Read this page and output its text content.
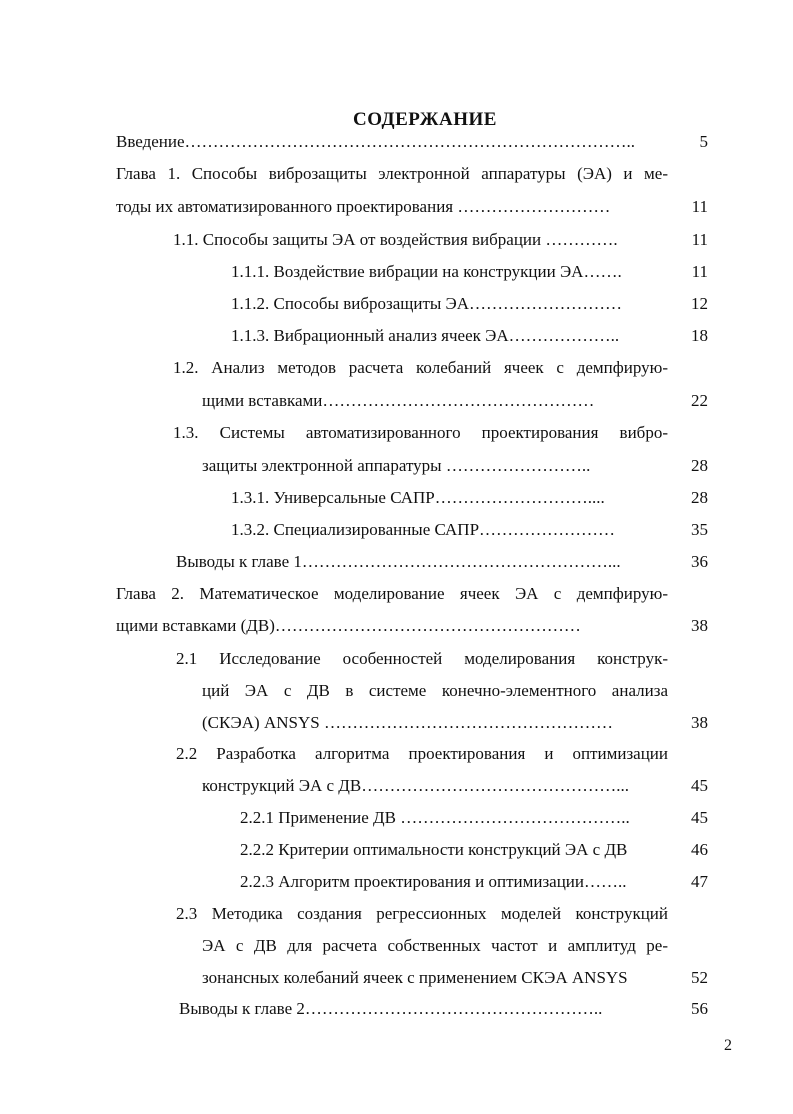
СОДЕРЖАНИЕ
Введение……………………………………………………………………..	5
Глава 1. Способы виброзащиты электронной аппаратуры (ЭА) и ме-
тоды их автоматизированного проектирования ………………………	11
1.1. Способы защиты ЭА от воздействия вибрации ………….	11
1.1.1. Воздействие вибрации на конструкции ЭА…….	11
1.1.2. Способы виброзащиты ЭА………………………	12
1.1.3. Вибрационный анализ ячеек ЭА………………..	18
1.2. Анализ методов расчета колебаний ячеек с демпфирую-
щими вставками…………………………………………	22
1.3. Системы автоматизированного проектирования вибро-
защиты электронной аппаратуры ……………………..	28
1.3.1. Универсальные САПР………………………....	28
1.3.2. Специализированные САПР……………………	35
Выводы к главе 1………………………………………………...	36
Глава 2. Математическое моделирование ячеек ЭА с демпфирую-
щими вставками (ДВ)………………………………………………	38
2.1 Исследование особенностей моделирования конструк-
ций ЭА с ДВ в системе конечно-элементного анализа
(СКЭА) ANSYS ……………………………………………	38
2.2 Разработка алгоритма проектирования и оптимизации
конструкций ЭА с ДВ………………………………………...	45
2.2.1 Применение ДВ …………………………………..	45
2.2.2 Критерии оптимальности конструкций ЭА с ДВ	46
2.2.3 Алгоритм проектирования и оптимизации……..	47
2.3 Методика создания регрессионных моделей конструкций
ЭА с ДВ для расчета собственных частот и амплитуд ре-
зонансных колебаний ячеек с применением СКЭА ANSYS	52
Выводы к главе 2……………………………………………..	56
2
